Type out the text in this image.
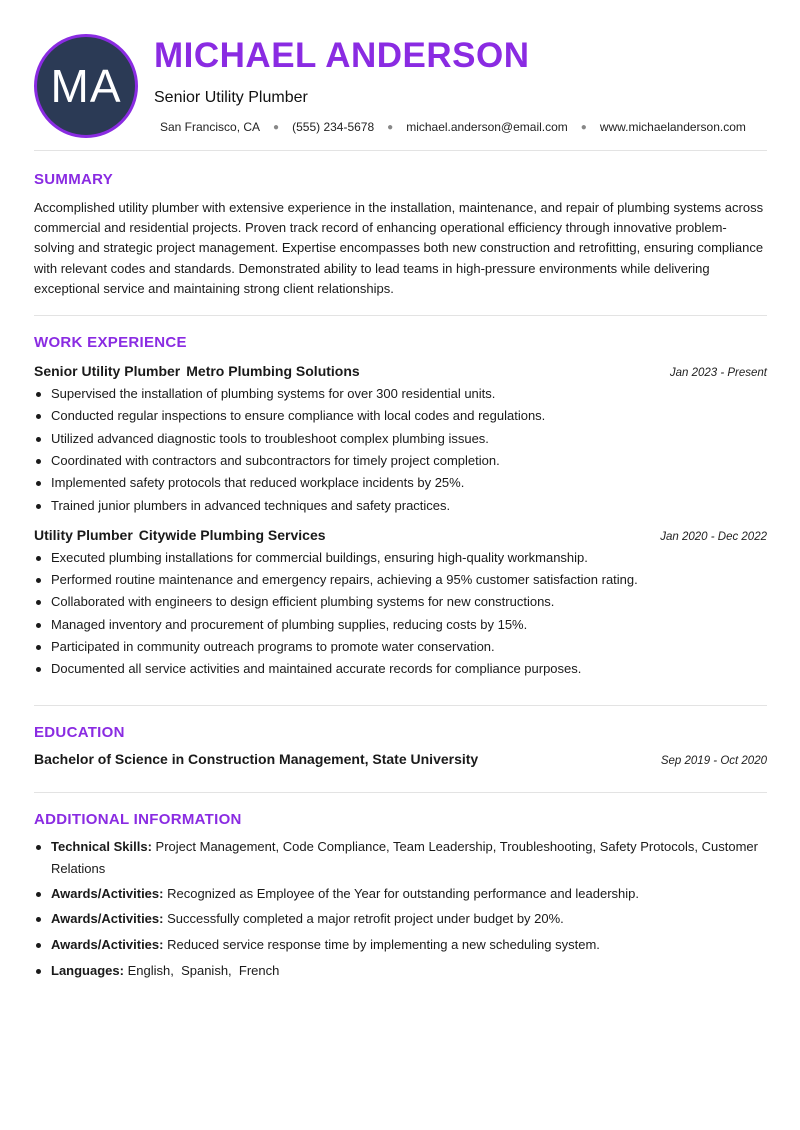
MA
MICHAEL ANDERSON
Senior Utility Plumber
San Francisco, CA ● (555) 234-5678 ● michael.anderson@email.com ● www.michaelanderson.com
SUMMARY

Accomplished utility plumber with extensive experience in the installation, maintenance, and repair of plumbing systems across commercial and residential projects. Proven track record of enhancing operational efficiency through innovative problem-solving and strategic project management. Expertise encompasses both new construction and retrofitting, ensuring compliance with relevant codes and standards. Demonstrated ability to lead teams in high-pressure environments while delivering exceptional service and maintaining strong client relationships.

WORK EXPERIENCE
Senior Utility Plumber Metro Plumbing Solutions	Jan 2023 - Present
Supervised the installation of plumbing systems for over 300 residential units.
Conducted regular inspections to ensure compliance with local codes and regulations.
Utilized advanced diagnostic tools to troubleshoot complex plumbing issues.
Coordinated with contractors and subcontractors for timely project completion.
Implemented safety protocols that reduced workplace incidents by 25%.
Trained junior plumbers in advanced techniques and safety practices.
Utility Plumber Citywide Plumbing Services	Jan 2020 - Dec 2022
Executed plumbing installations for commercial buildings, ensuring high-quality workmanship.
Performed routine maintenance and emergency repairs, achieving a 95% customer satisfaction rating.
Collaborated with engineers to design efficient plumbing systems for new constructions.
Managed inventory and procurement of plumbing supplies, reducing costs by 15%.
Participated in community outreach programs to promote water conservation.
Documented all service activities and maintained accurate records for compliance purposes.
EDUCATION
Bachelor of Science in Construction Management, State University	Sep 2019 - Oct 2020
ADDITIONAL INFORMATION
Technical Skills: Project Management, Code Compliance, Team Leadership, Troubleshooting, Safety Protocols, Customer Relations
Awards/Activities: Recognized as Employee of the Year for outstanding performance and leadership.
Awards/Activities: Successfully completed a major retrofit project under budget by 20%.
Awards/Activities: Reduced service response time by implementing a new scheduling system.
Languages: English,  Spanish,  French
